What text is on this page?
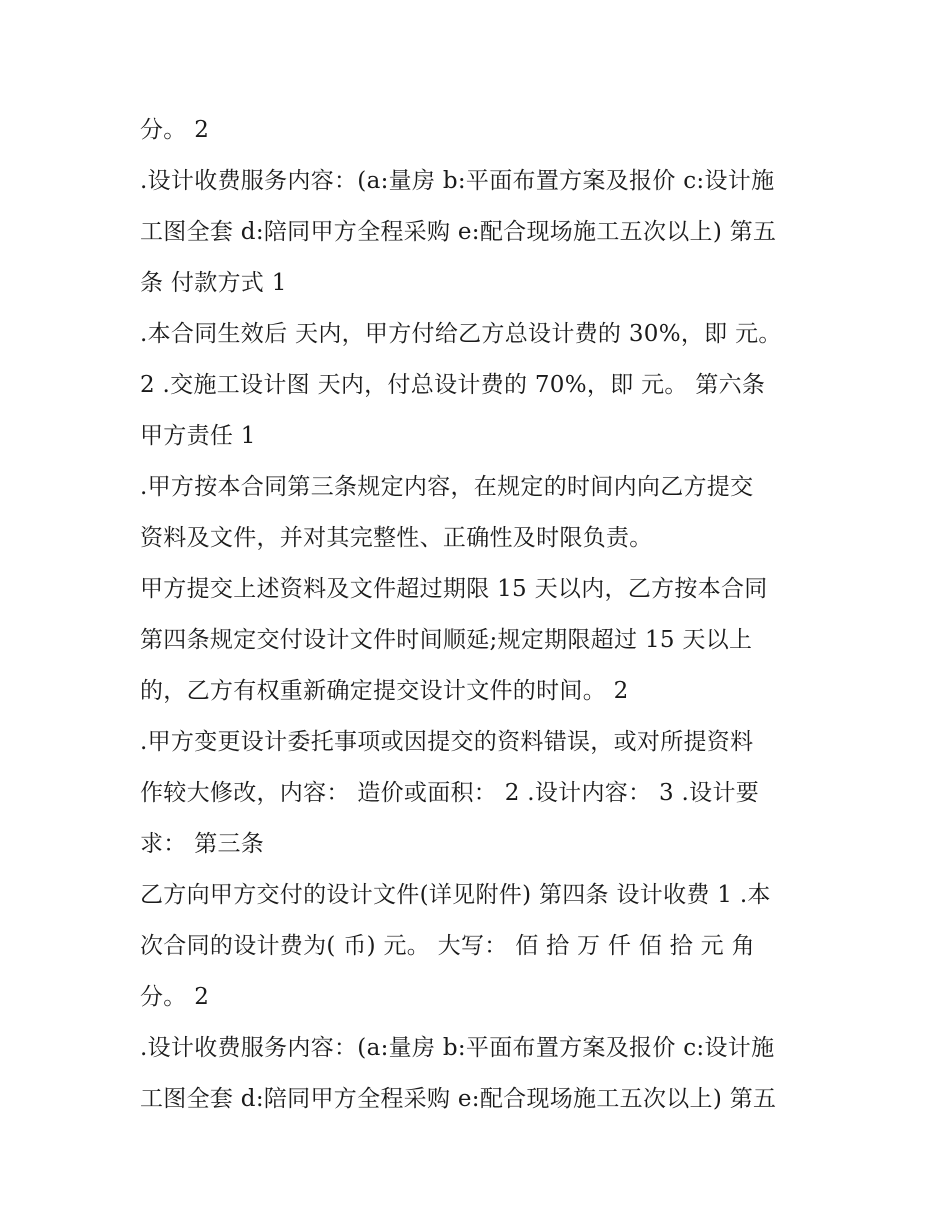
分。 2
.设计收费服务内容：(a:量房 b:平面布置方案及报价 c:设计施
工图全套 d:陪同甲方全程采购 e:配合现场施工五次以上) 第五
条 付款方式 1
.本合同生效后 天内，甲方付给乙方总设计费的 30%，即 元。
2 .交施工设计图 天内，付总设计费的 70%，即 元。 第六条
甲方责任 1
.甲方按本合同第三条规定内容，在规定的时间内向乙方提交
资料及文件，并对其完整性、正确性及时限负责。
甲方提交上述资料及文件超过期限 15 天以内，乙方按本合同
第四条规定交付设计文件时间顺延;规定期限超过 15 天以上
的，乙方有权重新确定提交设计文件的时间。 2
.甲方变更设计委托事项或因提交的资料错误，或对所提资料
作较大修改，内容： 造价或面积： 2 .设计内容： 3 .设计要
求： 第三条
乙方向甲方交付的设计文件(详见附件) 第四条 设计收费 1 .本
次合同的设计费为( 币) 元。 大写： 佰 拾 万 仟 佰 拾 元 角
分。 2
.设计收费服务内容：(a:量房 b:平面布置方案及报价 c:设计施
工图全套 d:陪同甲方全程采购 e:配合现场施工五次以上) 第五
